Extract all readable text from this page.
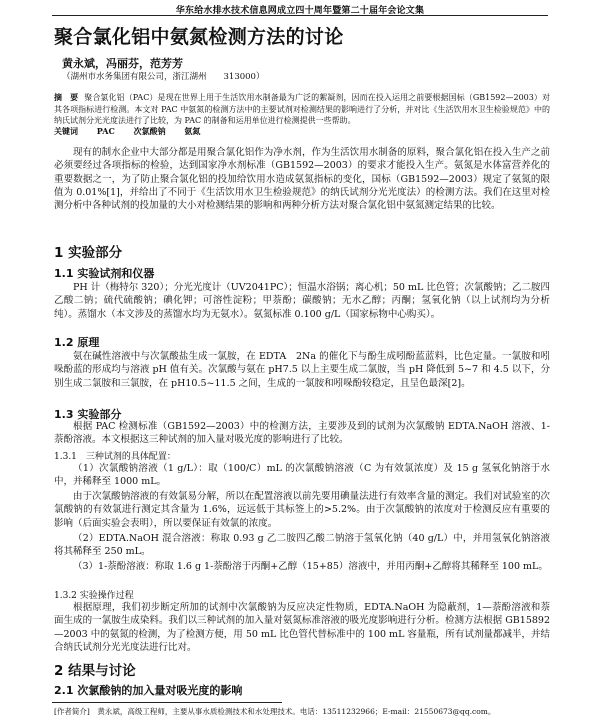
华东给水排水技术信息网成立四十周年暨第二十届年会论文集
聚合氯化铝中氨氮检测方法的讨论
黄永斌，冯丽芬，范芳芳
（湖州市水务集团有限公司，浙江湖州　　313000）
摘　要 聚合氯化铝（PAC）是现在世界上用于生活饮用水制备最为广泛的絮凝剂，因而在投入运用之前要根据国标（GB1592—2003）对其各项指标进行检测。本文对 PAC 中氨氮的检测方法中的主要试剂对检测结果的影响进行了分析，并对比《生活饮用水卫生检验规范》中的纳氏试剂分光光度法进行了比较，为 PAC 的制备和运用单位进行检测提供一些帮助。
关键词 PAC 次氯酸钠 氨氮
现有的制水企业中大部分都是用聚合氯化铝作为净水剂，作为生活饮用水制备的原料，聚合氯化铝在投入生产之前必须要经过各项指标的检验，达到国家净水剂标准（GB1592—2003）的要求才能投入生产。氨氮是水体富营养化的重要数据之一，为了防止聚合氯化铝的投加给饮用水造成氨氮指标的变化，国标（GB1592—2003）规定了氨氮的限值为 0.01%[1]，并给出了不同于《生活饮用水卫生检验规范》的纳氏试剂分光光度法）的检测方法。我们在这里对检测分析中各种试剂的投加量的大小对检测结果的影响和两种分析方法对聚合氯化铝中氨氮测定结果的比较。
1 实验部分
1.1 实验试剂和仪器
PH 计（梅特尔 320）；分光光度计（UV2041PC）；恒温水浴锅；离心机；50 mL 比色管；次氯酸钠；乙二胺四乙酸二钠；硫代硫酸钠；碘化钾；可溶性淀粉；甲萘酚；碳酸钠；无水乙醇；丙酮；氢氧化钠（以上试剂均为分析纯）。蒸馏水（本文涉及的蒸馏水均为无氨水）。氨氮标准 0.100 g/L（国家标物中心购买）。
1.2 原理
氨在碱性溶液中与次氯酸盐生成一氯胺，在 EDTA　2Na 的催化下与酚生成吲酚蓝蓝料，比色定量。一氯胺和吲哚酚蓝的形成均与溶液 pH 值有关。次氯酸与氨在 pH7.5 以上主要生成二氯胺，当 pH 降低到 5~7 和 4.5 以下，分别生成二氯胺和三氯胺，在 pH10.5~11.5 之间，生成的一氯胺和吲哚酚较稳定，且呈色最深[2]。
1.3 实验部分
根据 PAC 检测标准（GB1592—2003）中的检测方法，主要涉及到的试剂为次氯酸钠 EDTA.NaOH 溶液、1- 萘酚溶液。本文根据这三种试剂的加入量对吸光度的影响进行了比较。
1.3.1　三种试剂的具体配置：
（1）次氯酸钠溶液（1 g/L）：取（100/C）mL 的次氯酸钠溶液（C 为有效氯浓度）及 15 g 氢氧化钠溶于水中，并稀释至 1000 mL。
由于次氯酸钠溶液的有效氯易分解，所以在配置溶液以前先要用碘量法进行有效率含量的测定。我们对试验室的次氯酸钠的有效氯进行测定其含量为 1.6%，远远低于其标签上的>5.2%。由于次氯酸钠的浓度对于检测反应有重要的影响（后面实验会表明），所以要保证有效氯的浓度。
（2）EDTA.NaOH 混合溶液：称取 0.93 g 乙二胺四乙酸二钠溶于氢氧化钠（40 g/L）中，并用氢氧化钠溶液将其稀释至 250 mL。
（3）1-萘酚溶液：称取 1.6 g 1-萘酚溶于丙酮+乙醇（15+85）溶液中，并用丙酮+乙醇将其稀释至 100 mL。
1.3.2 实验操作过程
根据原理，我们初步断定所加的试剂中次氯酸钠为反应决定性物质，EDTA.NaOH 为隐蔽剂，1—萘酚溶液和萘面生成的一氯胺生成染料。我们以三种试剂的加入量对氨氮标准溶液的吸光度影响进行分析。检测方法根据 GB15892—2003 中的氨氮的检测，为了检测方便，用 50 mL 比色管代替标准中的 100 mL 容量瓶，所有试剂量都减半，并结合纳氏试剂分光光度法进行比对。
2 结果与讨论
2.1 次氯酸钠的加入量对吸光度的影响
[作者简介]　黄永斌，高级工程师，主要从事水质检测技术和水处理技术。电话：13511232966；E-mail：21550673@qq.com。
